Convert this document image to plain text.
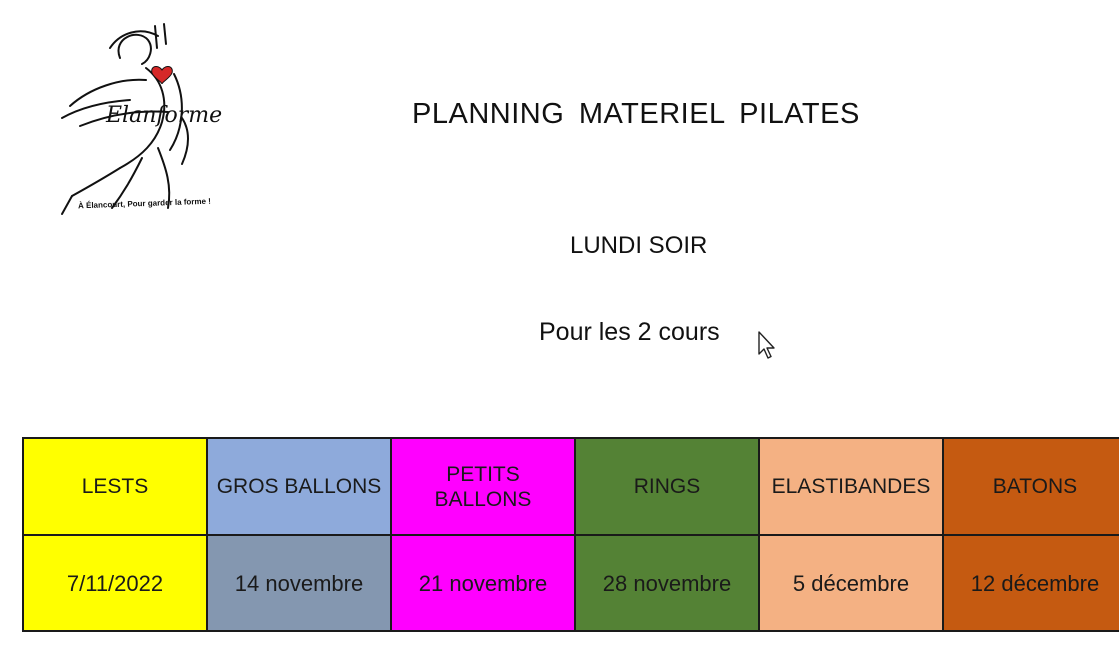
Elanforme
À Élancourt, Pour garder la forme !
PLANNING MATERIEL PILATES
LUNDI SOIR
Pour les 2 cours
LESTS	GROS BALLONS	PETITS BALLONS	RINGS	ELASTIBANDES	BATONS
7/11/2022	14 novembre	21 novembre	28 novembre	5 décembre	12 décembre
